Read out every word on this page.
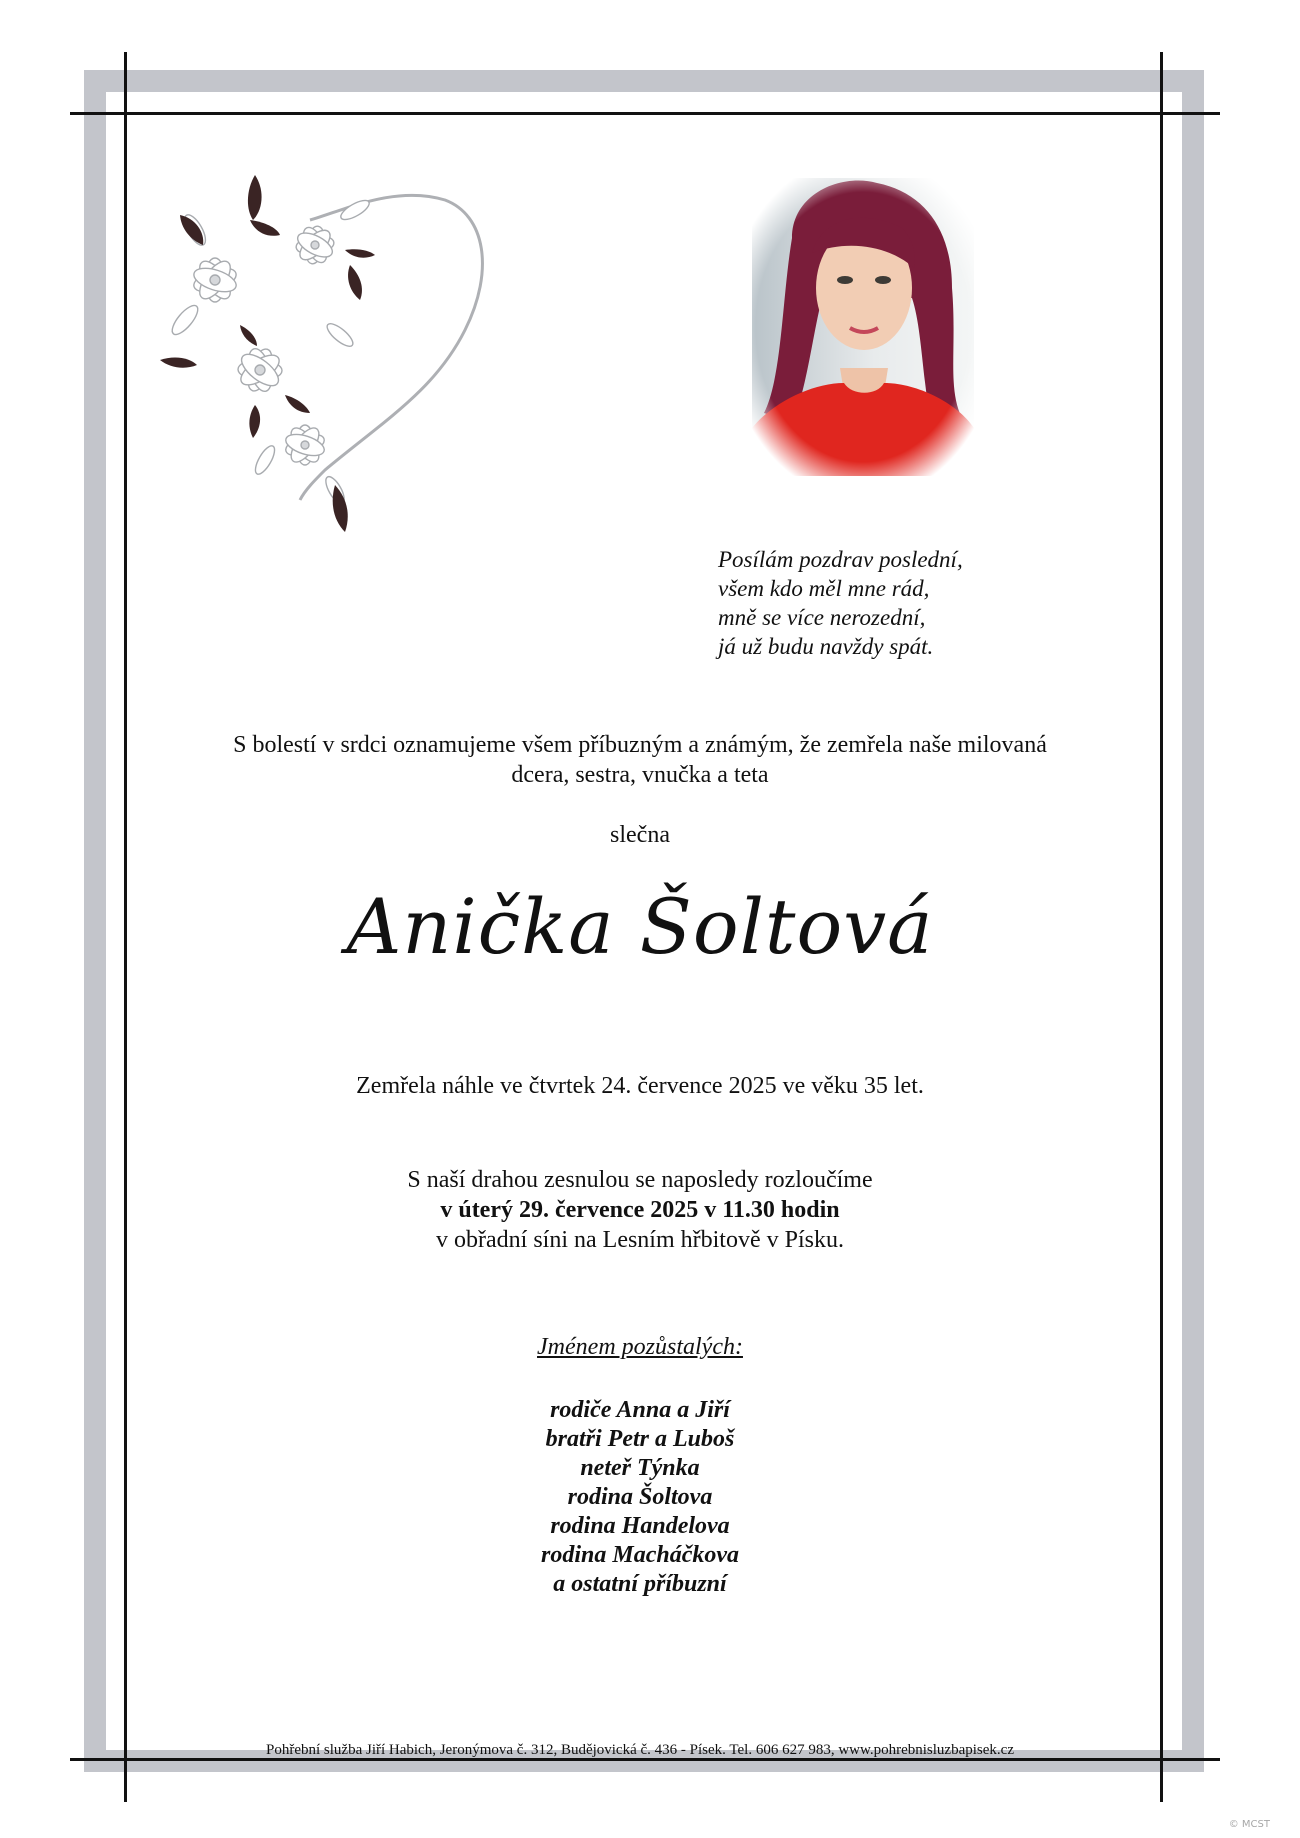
Posílám pozdrav poslední,
všem kdo měl mne rád,
mně se více nerozední,
já už budu navždy spát.
S bolestí v srdci oznamujeme všem příbuzným a známým, že zemřela naše milovaná
dcera, sestra, vnučka a teta
slečna
Anička Šoltová
Zemřela náhle ve čtvrtek 24. července 2025 ve věku 35 let.
S naší drahou zesnulou se naposledy rozloučíme
v úterý 29. července 2025 v 11.30 hodin
v obřadní síni na Lesním hřbitově v Písku.
Jménem pozůstalých:
rodiče Anna a Jiří
bratři Petr a Luboš
neteř Týnka
rodina Šoltova
rodina Handelova
rodina Macháčkova
a ostatní příbuzní
Pohřební služba Jiří Habich, Jeronýmova č. 312, Budějovická č. 436 - Písek. Tel. 606 627 983, www.pohrebnisluzbapisek.cz
© MCST
